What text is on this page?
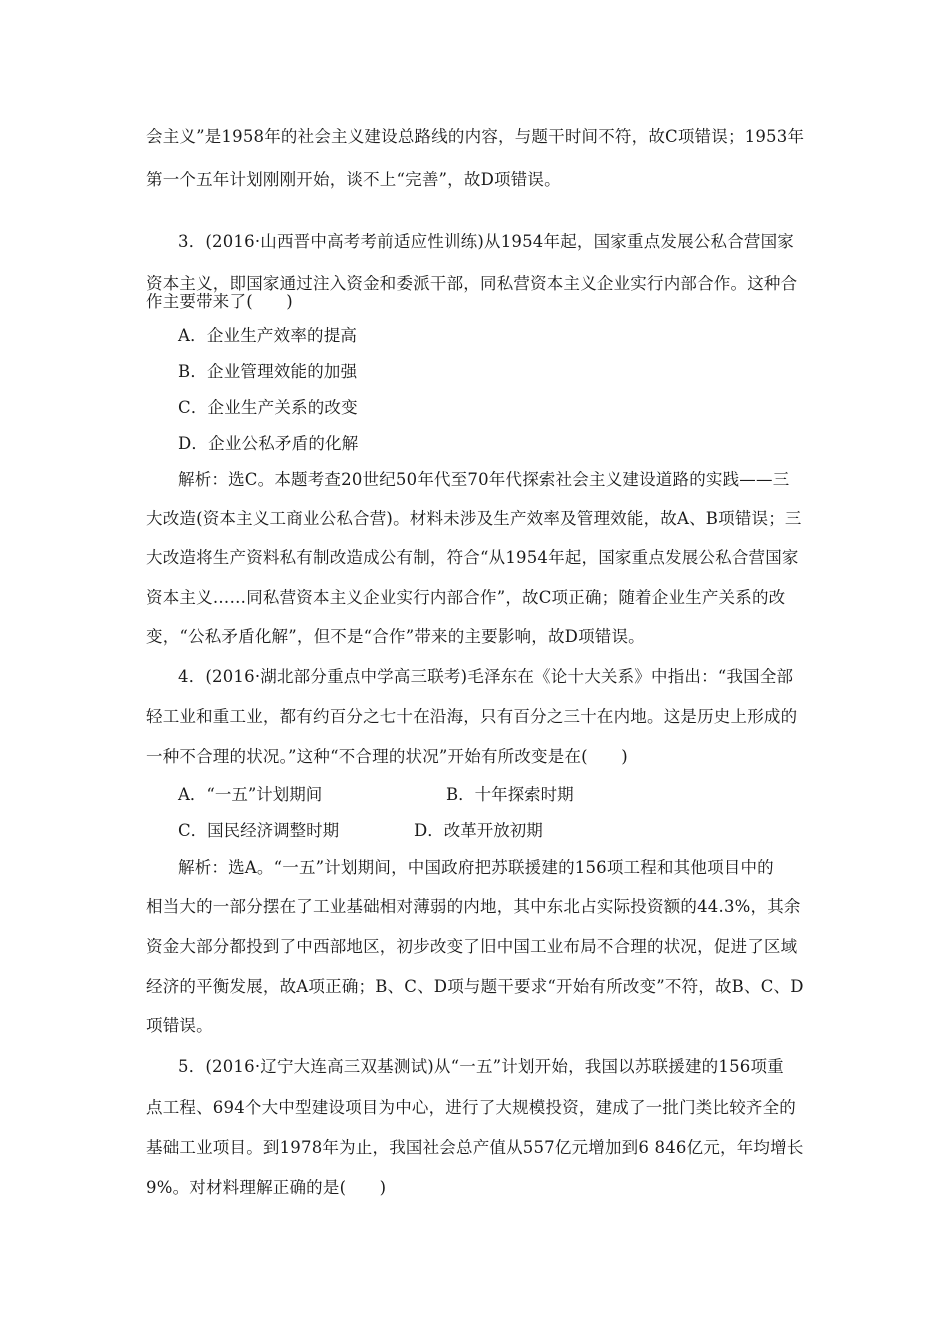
会主义”是1958年的社会主义建设总路线的内容，与题干时间不符，故C项错误；1953年
第一个五年计划刚刚开始，谈不上“完善”，故D项错误。
3．(2016·山西晋中高考考前适应性训练)从1954年起，国家重点发展公私合营国家
资本主义，即国家通过注入资金和委派干部，同私营资本主义企业实行内部合作。这种合
作主要带来了(　　)
A．企业生产效率的提高
B．企业管理效能的加强
C．企业生产关系的改变
D．企业公私矛盾的化解
解析：选C。本题考查20世纪50年代至70年代探索社会主义建设道路的实践——三
大改造(资本主义工商业公私合营)。材料未涉及生产效率及管理效能，故A、B项错误；三
大改造将生产资料私有制改造成公有制，符合“从1954年起，国家重点发展公私合营国家
资本主义……同私营资本主义企业实行内部合作”，故C项正确；随着企业生产关系的改
变，“公私矛盾化解”，但不是“合作”带来的主要影响，故D项错误。
4．(2016·湖北部分重点中学高三联考)毛泽东在《论十大关系》中指出：“我国全部
轻工业和重工业，都有约百分之七十在沿海，只有百分之三十在内地。这是历史上形成的
一种不合理的状况。”这种“不合理的状况”开始有所改变是在(　　)
A．“一五”计划期间	B．十年探索时期
C．国民经济调整时期	D．改革开放初期
解析：选A。“一五”计划期间，中国政府把苏联援建的156项工程和其他项目中的
相当大的一部分摆在了工业基础相对薄弱的内地，其中东北占实际投资额的44.3%，其余
资金大部分都投到了中西部地区，初步改变了旧中国工业布局不合理的状况，促进了区域
经济的平衡发展，故A项正确；B、C、D项与题干要求“开始有所改变”不符，故B、C、D
项错误。
5．(2016·辽宁大连高三双基测试)从“一五”计划开始，我国以苏联援建的156项重
点工程、694个大中型建设项目为中心，进行了大规模投资，建成了一批门类比较齐全的
基础工业项目。到1978年为止，我国社会总产值从557亿元增加到6 846亿元，年均增长
9%。对材料理解正确的是(　　)
